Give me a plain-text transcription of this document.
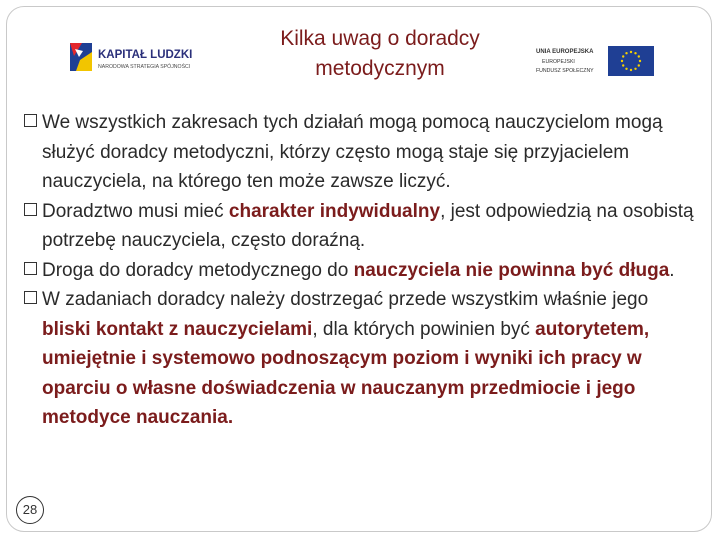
KAPITAŁ LUDZKI
NARODOWA STRATEGIA SPÓJNOŚCI
Kilka uwag o doradcy
metodycznym
UNIA EUROPEJSKA
EUROPEJSKI
FUNDUSZ SPOŁECZNY
We wszystkich zakresach tych działań mogą pomocą nauczycielom mogą służyć doradcy metodyczni, którzy często mogą staje się przyjacielem nauczyciela, na którego ten może zawsze liczyć.
Doradztwo musi mieć charakter indywidualny, jest odpowiedzią na osobistą potrzebę nauczyciela, często doraźną.
Droga do doradcy metodycznego do nauczyciela nie powinna być długa.
W zadaniach doradcy należy dostrzegać przede wszystkim właśnie jego bliski kontakt z nauczycielami, dla których powinien być autorytetem, umiejętnie i systemowo podnoszącym poziom i wyniki ich pracy w oparciu o własne doświadczenia w nauczanym przedmiocie i jego metodyce nauczania.
28
